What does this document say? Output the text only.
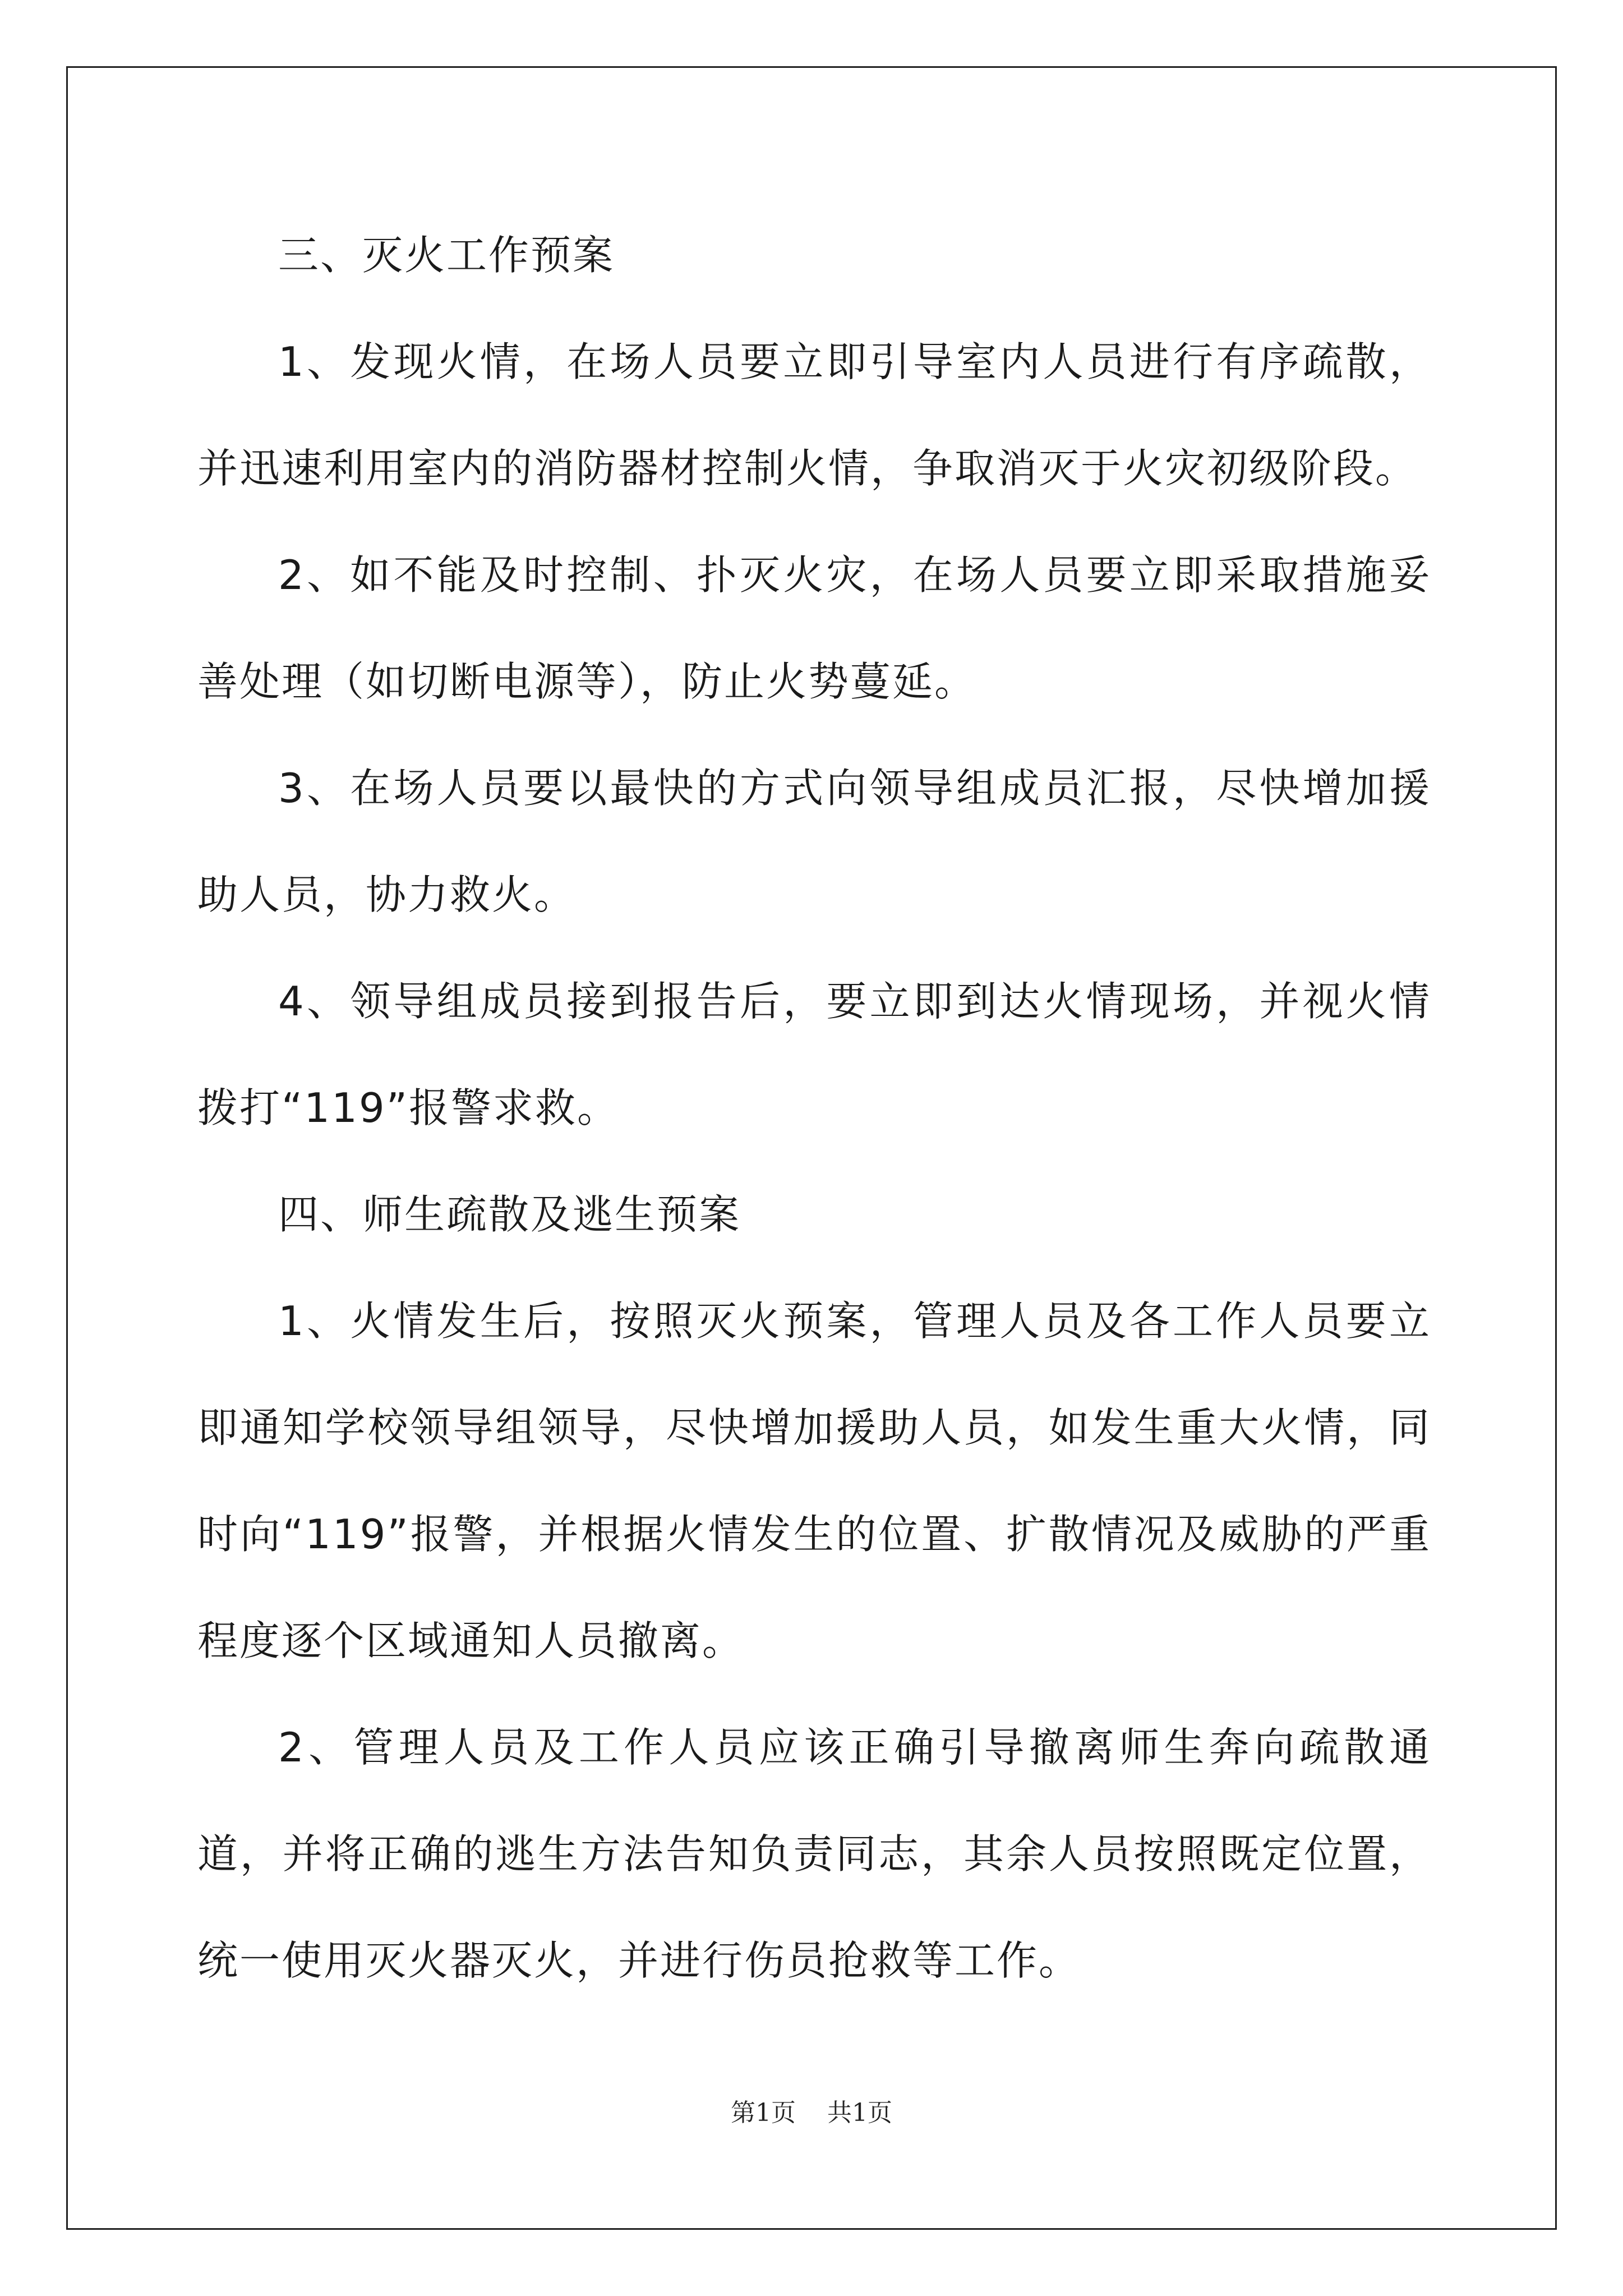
三、灭火工作预案

1、发现火情，在场人员要立即引导室内人员进行有序疏散，并迅速利用室内的消防器材控制火情，争取消灭于火灾初级阶段。

2、如不能及时控制、扑灭火灾，在场人员要立即采取措施妥善处理（如切断电源等），防止火势蔓延。

3、在场人员要以最快的方式向领导组成员汇报，尽快增加援助人员，协力救火。

4、领导组成员接到报告后，要立即到达火情现场，并视火情拨打“119”报警求救。

四、师生疏散及逃生预案

1、火情发生后，按照灭火预案，管理人员及各工作人员要立即通知学校领导组领导，尽快增加援助人员，如发生重大火情，同时向“119”报警，并根据火情发生的位置、扩散情况及威胁的严重程度逐个区域通知人员撤离。

2、管理人员及工作人员应该正确引导撤离师生奔向疏散通道，并将正确的逃生方法告知负责同志，其余人员按照既定位置，统一使用灭火器灭火，并进行伤员抢救等工作。

第1页 共1页
